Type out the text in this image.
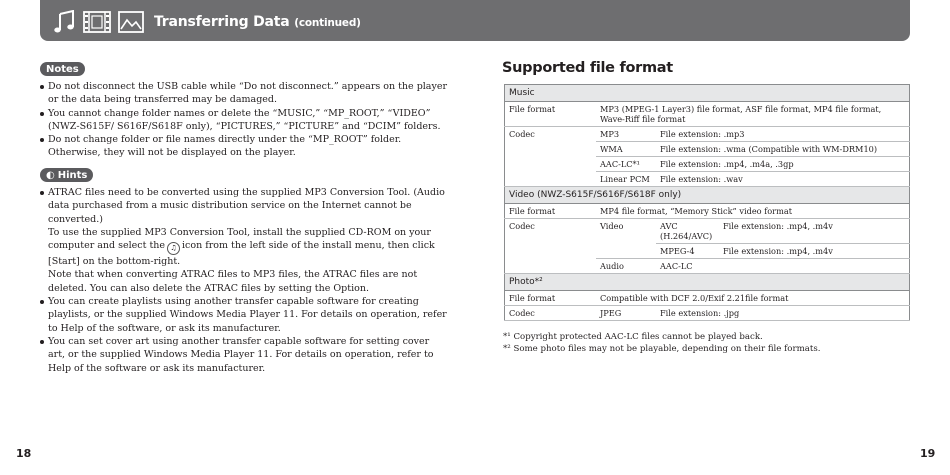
Transferring Data (continued)
Notes
Do not disconnect the USB cable while “Do not disconnect.” appears on the player or the data being transferred may be damaged.
You cannot change folder names or delete the “MUSIC,” “MP_ROOT,” “VIDEO” (NWZ-S615F/ S616F/S618F only), “PICTURES,” “PICTURE” and “DCIM” folders.
Do not change folder or file names directly under the “MP_ROOT” folder. Otherwise, they will not be displayed on the player.
◐ Hints
ATRAC files need to be converted using the supplied MP3 Conversion Tool. (Audio data purchased from a music distribution service on the Internet cannot be converted.)
To use the supplied MP3 Conversion Tool, install the supplied CD-ROM on your computer and select the ♫ icon from the left side of the install menu, then click [Start] on the bottom-right.
Note that when converting ATRAC files to MP3 files, the ATRAC files are not deleted. You can also delete the ATRAC files by setting the Option.
You can create playlists using another transfer capable software for creating playlists, or the supplied Windows Media Player 11. For details on operation, refer to Help of the software, or ask its manufacturer.
You can set cover art using another transfer capable software for setting cover art, or the supplied Windows Media Player 11. For details on operation, refer to Help of the software or ask its manufacturer.
Supported file format
Music			
File format	MP3 (MPEG-1 Layer3) file format, ASF file format, MP4 file format, Wave-Riff file format		
Codec	MP3	File extension: .mp3	
	WMA	File extension: .wma (Compatible with WM-DRM10)	
	AAC-LC*¹	File extension: .mp4, .m4a, .3gp	
	Linear PCM	File extension: .wav	
Video (NWZ-S615F/S616F/S618F only)			
File format	MP4 file format, “Memory Stick” video format		
Codec	Video	AVC (H.264/AVC)	File extension: .mp4, .m4v
		MPEG-4	File extension: .mp4, .m4v
	Audio	AAC-LC	
Photo*²			
File format	Compatible with DCF 2.0/Exif 2.21file format		
Codec	JPEG	File extension: .jpg	
*¹ Copyright protected AAC-LC files cannot be played back.
*² Some photo files may not be playable, depending on their file formats.
18	19
